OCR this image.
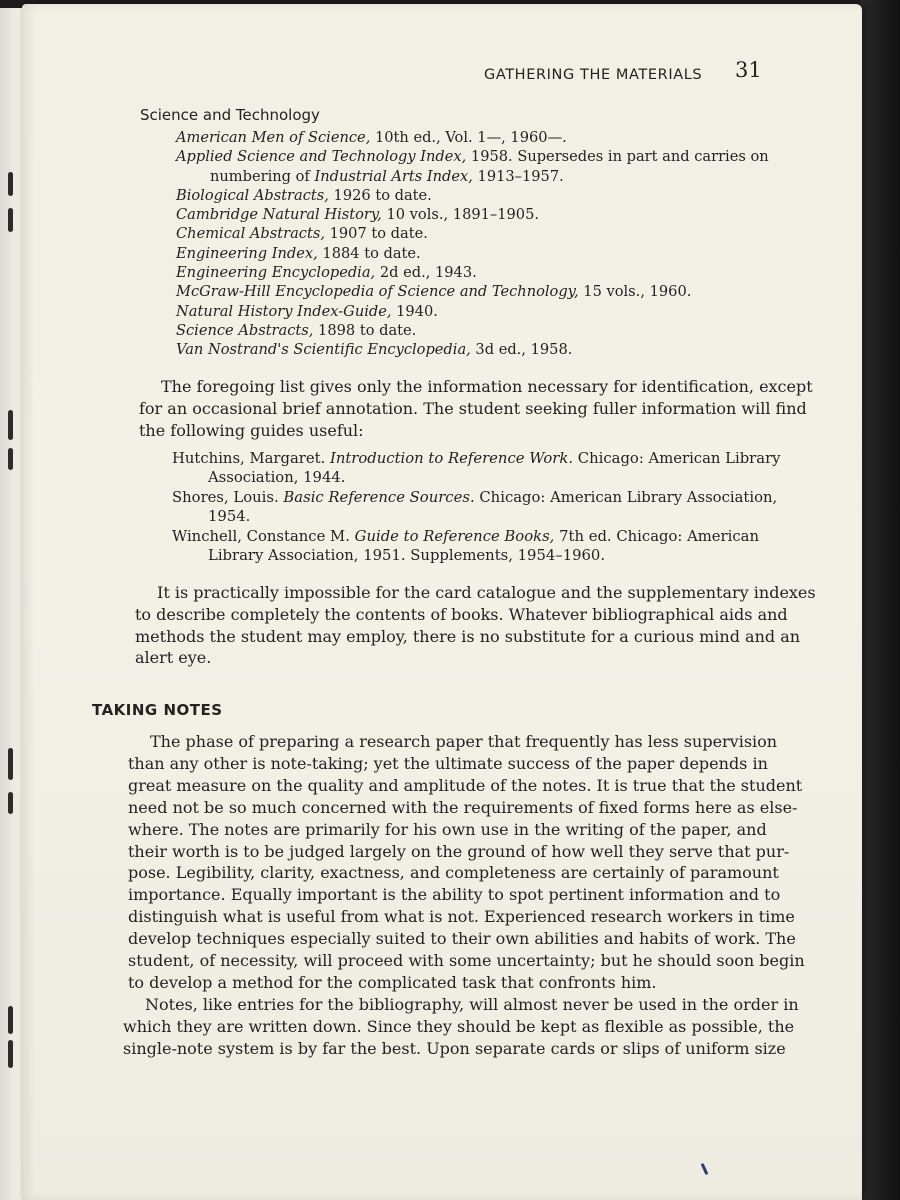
GATHERING THE MATERIALS 31
Science and Technology
American Men of Science, 10th ed., Vol. 1—, 1960—.
Applied Science and Technology Index, 1958. Supersedes in part and carries on
numbering of Industrial Arts Index, 1913–1957.
Biological Abstracts, 1926 to date.
Cambridge Natural History, 10 vols., 1891–1905.
Chemical Abstracts, 1907 to date.
Engineering Index, 1884 to date.
Engineering Encyclopedia, 2d ed., 1943.
McGraw-Hill Encyclopedia of Science and Technology, 15 vols., 1960.
Natural History Index-Guide, 1940.
Science Abstracts, 1898 to date.
Van Nostrand's Scientific Encyclopedia, 3d ed., 1958.
The foregoing list gives only the information necessary for identification, except
for an occasional brief annotation. The student seeking fuller information will find
the following guides useful:
Hutchins, Margaret. Introduction to Reference Work. Chicago: American Library
Association, 1944.
Shores, Louis. Basic Reference Sources. Chicago: American Library Association,
1954.
Winchell, Constance M. Guide to Reference Books, 7th ed. Chicago: American
Library Association, 1951. Supplements, 1954–1960.
It is practically impossible for the card catalogue and the supplementary indexes
to describe completely the contents of books. Whatever bibliographical aids and
methods the student may employ, there is no substitute for a curious mind and an
alert eye.
TAKING NOTES
The phase of preparing a research paper that frequently has less supervision
than any other is note-taking; yet the ultimate success of the paper depends in
great measure on the quality and amplitude of the notes. It is true that the student
need not be so much concerned with the requirements of fixed forms here as else-
where. The notes are primarily for his own use in the writing of the paper, and
their worth is to be judged largely on the ground of how well they serve that pur-
pose. Legibility, clarity, exactness, and completeness are certainly of paramount
importance. Equally important is the ability to spot pertinent information and to
distinguish what is useful from what is not. Experienced research workers in time
develop techniques especially suited to their own abilities and habits of work. The
student, of necessity, will proceed with some uncertainty; but he should soon begin
to develop a method for the complicated task that confronts him.
Notes, like entries for the bibliography, will almost never be used in the order in
which they are written down. Since they should be kept as flexible as possible, the
single-note system is by far the best. Upon separate cards or slips of uniform size
